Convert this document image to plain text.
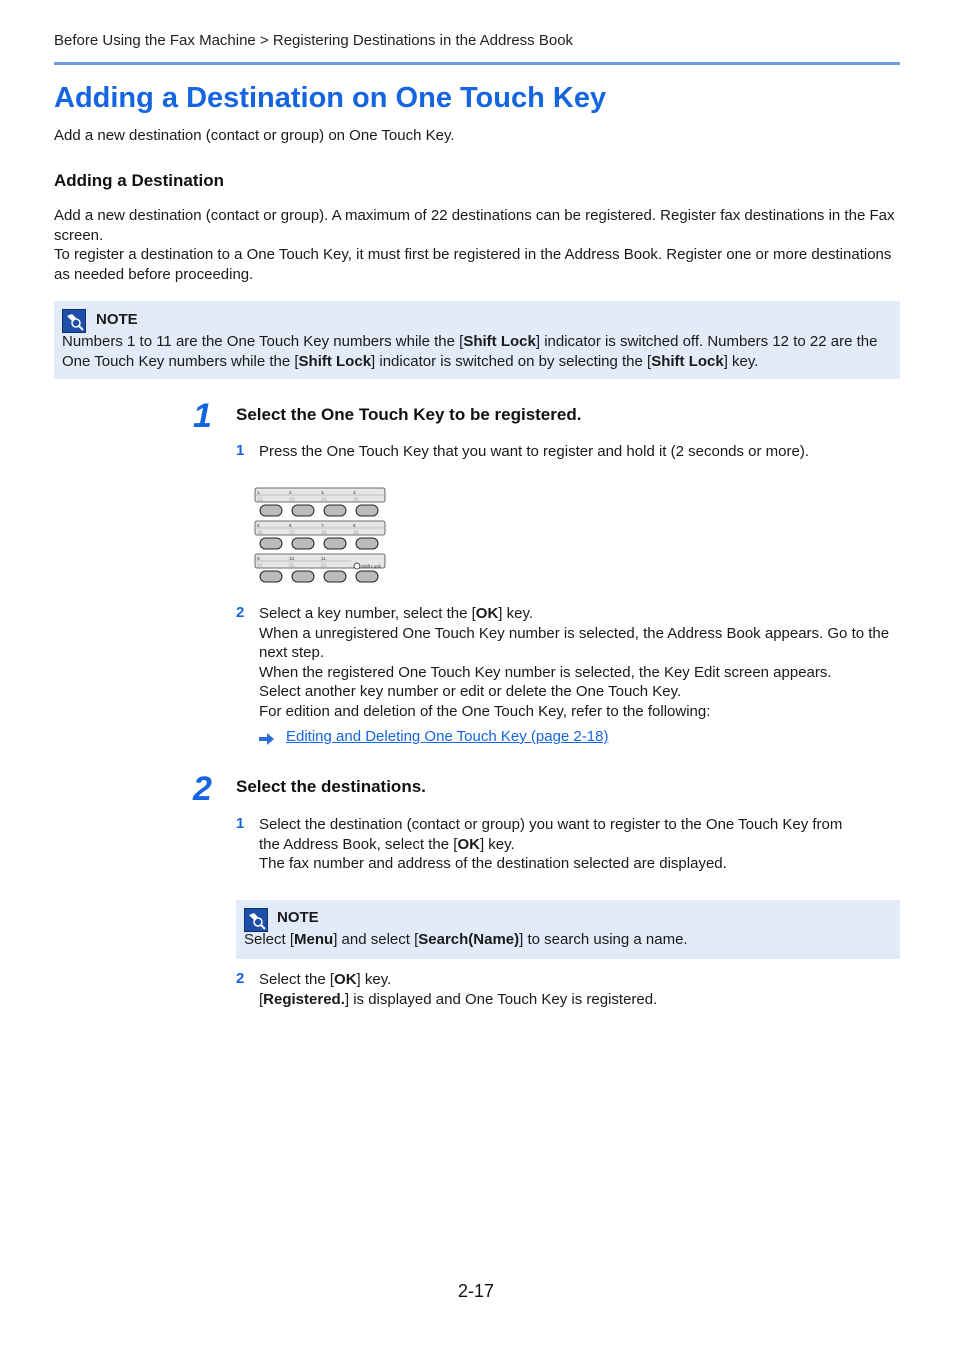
Before Using the Fax Machine > Registering Destinations in the Address Book
Adding a Destination on One Touch Key
Add a new destination (contact or group) on One Touch Key.
Adding a Destination
Add a new destination (contact or group). A maximum of 22 destinations can be registered. Register fax destinations in the Fax screen.
To register a destination to a One Touch Key, it must first be registered in the Address Book. Register one or more destinations as needed before proceeding.
NOTE
Numbers 1 to 11 are the One Touch Key numbers while the [Shift Lock] indicator is switched off. Numbers 12 to 22 are the One Touch Key numbers while the [Shift Lock] indicator is switched on by selecting the [Shift Lock] key.
1 Select the One Touch Key to be registered.
1 Press the One Touch Key that you want to register and hold it (2 seconds or more).
1.	2.	3.	4.
12.	13.	14.	15.
5.	6.	7.	8.
16.	17.	18.	19.
9.	10.	11.
20.	21.	22.	Shift Lock
2 Select a key number, select the [OK] key.
When a unregistered One Touch Key number is selected, the Address Book appears. Go to the next step.
When the registered One Touch Key number is selected, the Key Edit screen appears.
Select another key number or edit or delete the One Touch Key.
For edition and deletion of the One Touch Key, refer to the following:
Editing and Deleting One Touch Key (page 2-18)
2 Select the destinations.
1 Select the destination (contact or group) you want to register to the One Touch Key from
the Address Book, select the [OK] key.
The fax number and address of the destination selected are displayed.
NOTE
Select [Menu] and select [Search(Name)] to search using a name.
2 Select the [OK] key.
[Registered.] is displayed and One Touch Key is registered.
2-17
